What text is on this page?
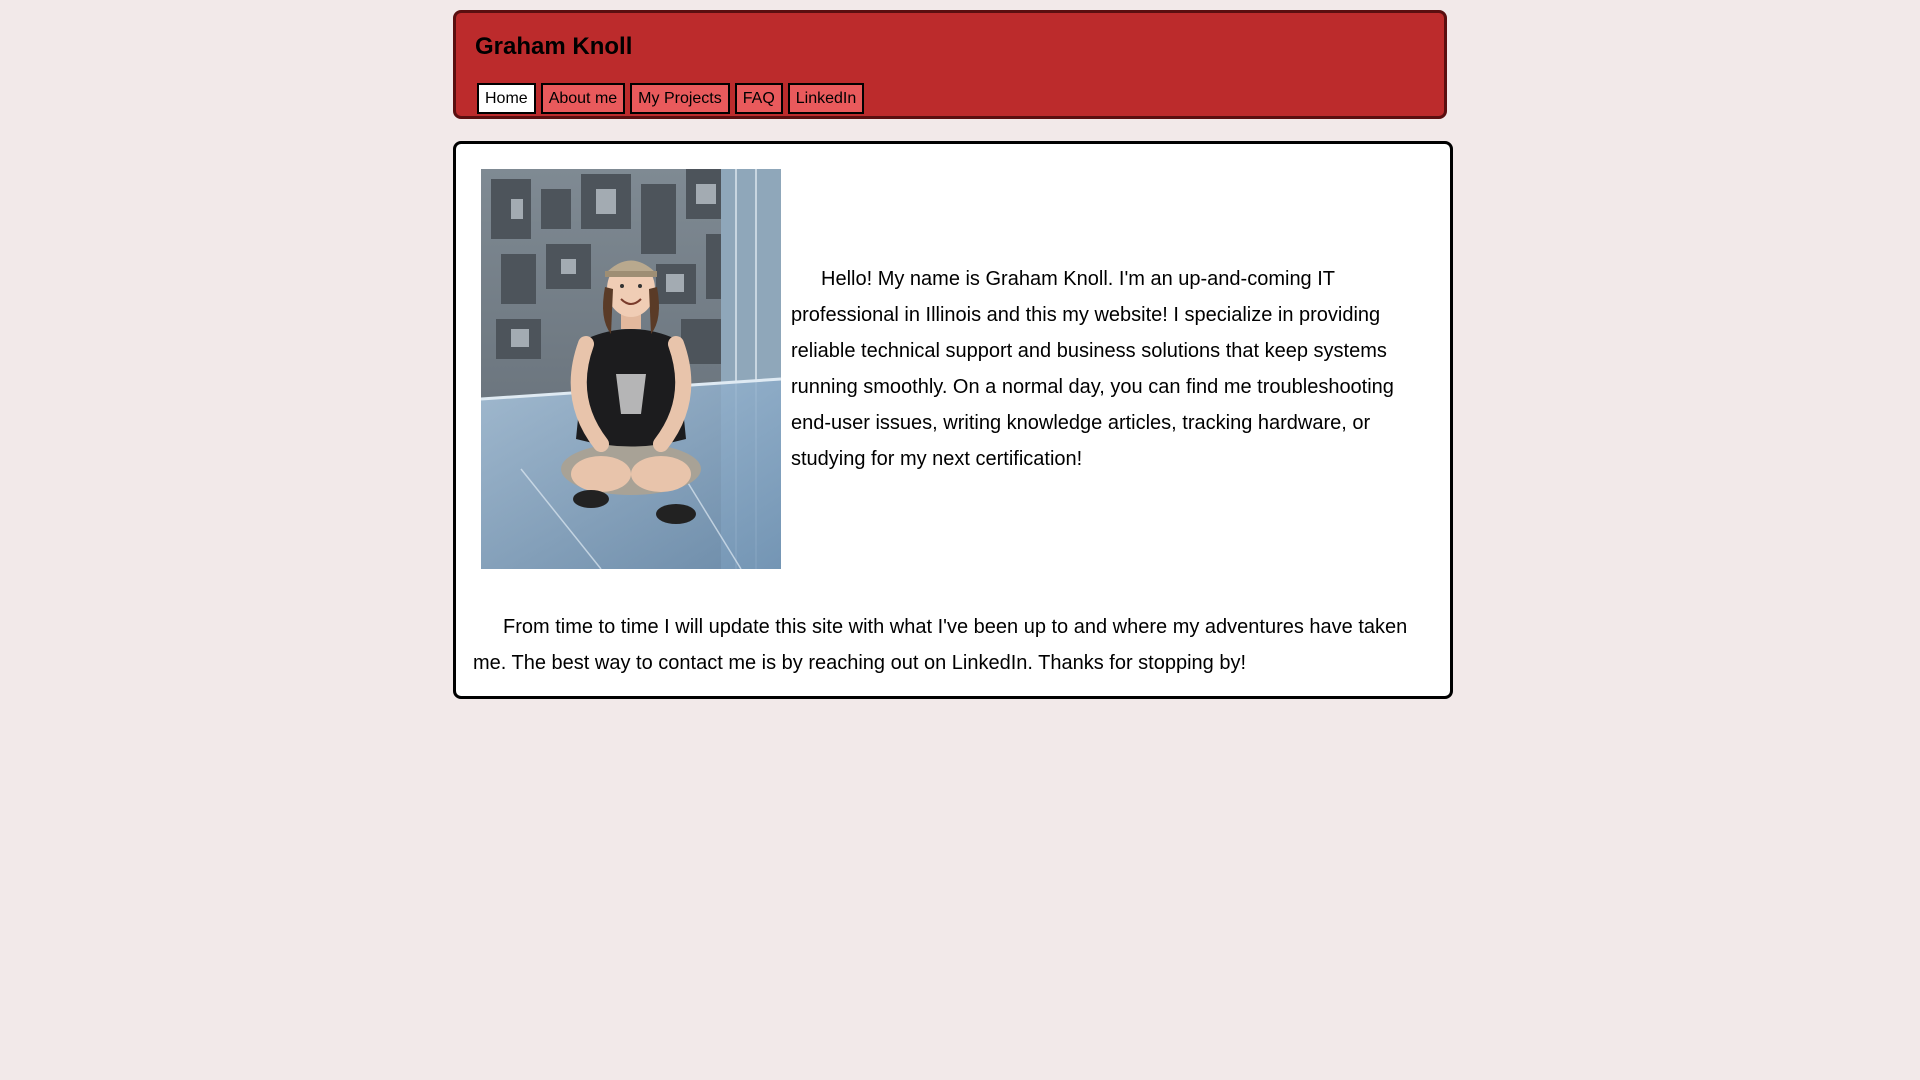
Graham Knoll
Home	About me	My Projects	FAQ	LinkedIn

Hello! My name is Graham Knoll. I'm an up-and-coming IT professional in Illinois and this my website! I specialize in providing reliable technical support and business solutions that keep systems running smoothly. On a normal day, you can find me troubleshooting end-user issues, writing knowledge articles, tracking hardware, or studying for my next certification!

From time to time I will update this site with what I've been up to and where my adventures have taken me. The best way to contact me is by reaching out on LinkedIn. Thanks for stopping by!
